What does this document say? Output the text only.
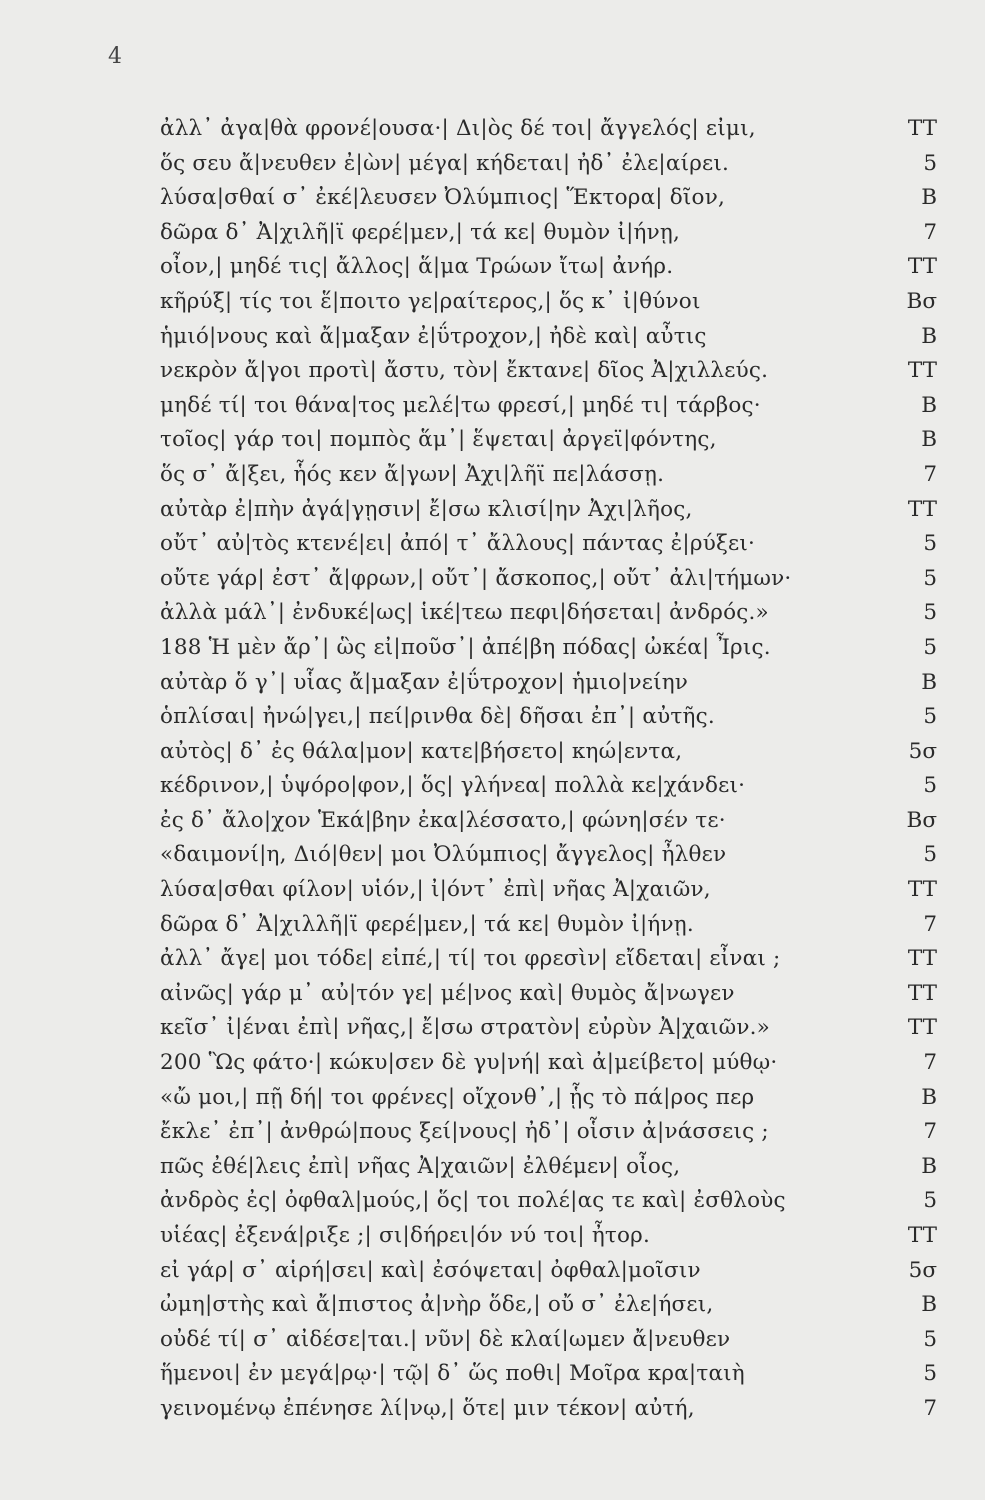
4
ἀλλ᾽ ἀγα|θὰ φρονέ|ουσα·| Δι|ὸς δέ τοι| ἄγγελός| εἰμι,	TT
ὅς σευ ἄ|νευθεν ἐ|ὼν| μέγα| κήδεται| ἠδ᾽ ἐλε|αίρει.	5
λύσα|σθαί σ᾽ ἐκέ|λευσεν Ὀλύμπιος| Ἕκτορα| δῖον,	B
δῶρα δ᾽ Ἀ|χιλῆ|ϊ φερέ|μεν,| τά κε| θυμὸν ἰ|ήνῃ,	7
οἶον,| μηδέ τις| ἄλλος| ἅ|μα Τρώων ἴτω| ἀνήρ.	TT
κῆρύξ| τίς τοι ἕ|ποιτο γε|ραίτερος,| ὅς κ᾽ ἰ|θύνοι	Bσ
ἡμιό|νους καὶ ἄ|μαξαν ἐ|ΰτροχον,| ἠδὲ καὶ| αὖτις	B
νεκρὸν ἄ|γοι προτὶ| ἄστυ, τὸν| ἔκτανε| δῖος Ἀ|χιλλεύς.	TT
μηδέ τί| τοι θάνα|τος μελέ|τω φρεσί,| μηδέ τι| τάρβος·	B
τοῖος| γάρ τοι| πομπὸς ἅμ᾽| ἕψεται| ἀργεϊ|φόντης,	B
ὅς σ᾽ ἄ|ξει, ἧός κεν ἄ|γων| Ἀχι|λῆϊ πε|λάσσῃ.	7
αὐτὰρ ἐ|πὴν ἀγά|γῃσιν| ἔ|σω κλισί|ην Ἀχι|λῆος,	TT
οὔτ᾽ αὐ|τὸς κτενέ|ει| ἀπό| τ᾽ ἄλλους| πάντας ἐ|ρύξει·	5
οὔτε γάρ| ἐστ᾽ ἄ|φρων,| οὔτ᾽| ἄσκοπος,| οὔτ᾽ ἀλι|τήμων·	5
ἀλλὰ μάλ᾽| ἐνδυκέ|ως| ἱκέ|τεω πεφι|δήσεται| ἀνδρός.»	5
188 Ἡ μὲν ἄρ᾽| ὣς εἰ|ποῦσ᾽| ἀπέ|βη πόδας| ὠκέα| Ἶρις.	5
αὐτὰρ ὅ γ᾽| υἷας ἄ|μαξαν ἐ|ΰτροχον| ἡμιο|νείην	B
ὁπλίσαι| ἠνώ|γει,| πεί|ρινθα δὲ| δῆσαι ἐπ᾽| αὐτῆς.	5
αὐτὸς| δ᾽ ἐς θάλα|μον| κατε|βήσετο| κηώ|εντα,	5σ
κέδρινον,| ὑψόρο|φον,| ὅς| γλήνεα| πολλὰ κε|χάνδει·	5
ἐς δ᾽ ἄλο|χον Ἑκά|βην ἐκα|λέσσατο,| φώνη|σέν τε·	Bσ
«δαιμονί|η, Διό|θεν| μοι Ὀλύμπιος| ἄγγελος| ἦλθεν	5
λύσα|σθαι φίλον| υἱόν,| ἰ|όντ᾽ ἐπὶ| νῆας Ἀ|χαιῶν,	TT
δῶρα δ᾽ Ἀ|χιλλῆ|ϊ φερέ|μεν,| τά κε| θυμὸν ἰ|ήνῃ.	7
ἀλλ᾽ ἄγε| μοι τόδε| εἰπέ,| τί| τοι φρεσὶν| εἴδεται| εἶναι ;	TT
αἰνῶς| γάρ μ᾽ αὐ|τόν γε| μέ|νος καὶ| θυμὸς ἄ|νωγεν	TT
κεῖσ᾽ ἰ|έναι ἐπὶ| νῆας,| ἔ|σω στρατὸν| εὐρὺν Ἀ|χαιῶν.»	TT
200 Ὣς φάτο·| κώκυ|σεν δὲ γυ|νή| καὶ ἀ|μείβετο| μύθῳ·	7
«ὤ μοι,| πῇ δή| τοι φρένες| οἴχονθ᾽,| ᾗς τὸ πά|ρος περ	B
ἔκλε᾽ ἐπ᾽| ἀνθρώ|πους ξεί|νους| ἠδ᾽| οἷσιν ἀ|νάσσεις ;	7
πῶς ἐθέ|λεις ἐπὶ| νῆας Ἀ|χαιῶν| ἐλθέμεν| οἶος,	B
ἀνδρὸς ἐς| ὀφθαλ|μούς,| ὅς| τοι πολέ|ας τε καὶ| ἐσθλοὺς	5
υἱέας| ἐξενά|ριξε ;| σι|δήρει|όν νύ τοι| ἦτορ.	TT
εἰ γάρ| σ᾽ αἱρή|σει| καὶ| ἐσόψεται| ὀφθαλ|μοῖσιν	5σ
ὠμη|στὴς καὶ ἄ|πιστος ἀ|νὴρ ὅδε,| οὔ σ᾽ ἐλε|ήσει,	B
οὐδέ τί| σ᾽ αἰδέσε|ται.| νῦν| δὲ κλαί|ωμεν ἄ|νευθεν	5
ἥμενοι| ἐν μεγά|ρῳ·| τῷ| δ᾽ ὥς ποθι| Μοῖρα κρα|ταιὴ	5
γεινομένῳ ἐπένησε λί|νῳ,| ὅτε| μιν τέκον| αὐτή,	7
